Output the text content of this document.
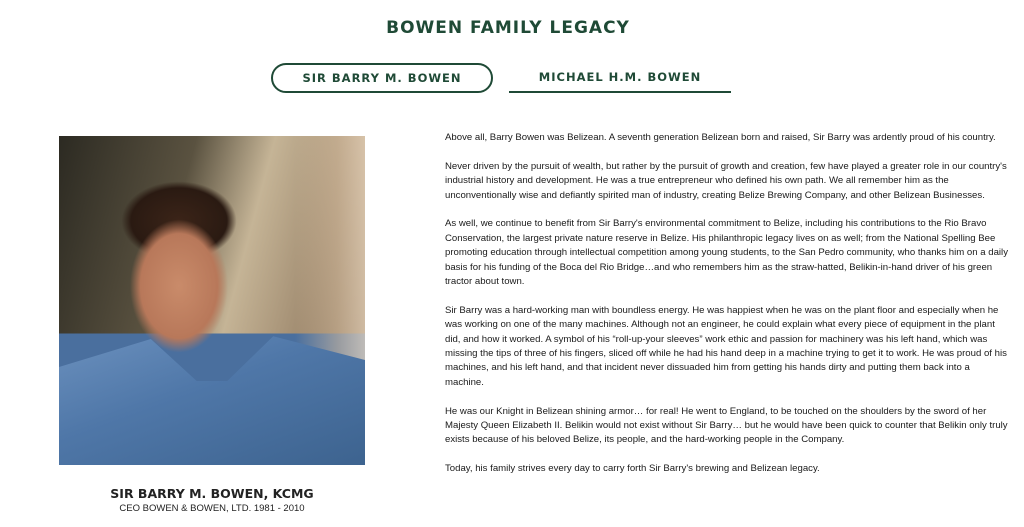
BOWEN FAMILY LEGACY
SIR BARRY M. BOWEN	MICHAEL H.M. BOWEN
SIR BARRY M. BOWEN, KCMG
CEO BOWEN & BOWEN, LTD. 1981 - 2010

Above all, Barry Bowen was Belizean. A seventh generation Belizean born and raised, Sir Barry was ardently proud of his country.

Never driven by the pursuit of wealth, but rather by the pursuit of growth and creation, few have played a greater role in our country's industrial history and development. He was a true entrepreneur who defined his own path. We all remember him as the unconventionally wise and defiantly spirited man of industry, creating Belize Brewing Company, and other Belizean Businesses.

As well, we continue to benefit from Sir Barry's environmental commitment to Belize, including his contributions to the Rio Bravo Conservation, the largest private nature reserve in Belize. His philanthropic legacy lives on as well; from the National Spelling Bee promoting education through intellectual competition among young students, to the San Pedro community, who thanks him on a daily basis for his funding of the Boca del Rio Bridge…and who remembers him as the straw-hatted, Belikin-in-hand driver of his green tractor about town.

Sir Barry was a hard-working man with boundless energy. He was happiest when he was on the plant floor and especially when he was working on one of the many machines. Although not an engineer, he could explain what every piece of equipment in the plant did, and how it worked. A symbol of his “roll-up-your sleeves” work ethic and passion for machinery was his left hand, which was missing the tips of three of his fingers, sliced off while he had his hand deep in a machine trying to get it to work. He was proud of his machines, and his left hand, and that incident never dissuaded him from getting his hands dirty and putting them back into a machine.

He was our Knight in Belizean shining armor… for real! He went to England, to be touched on the shoulders by the sword of her Majesty Queen Elizabeth II. Belikin would not exist without Sir Barry… but he would have been quick to counter that Belikin only truly exists because of his beloved Belize, its people, and the hard-working people in the Company.

Today, his family strives every day to carry forth Sir Barry's brewing and Belizean legacy.
